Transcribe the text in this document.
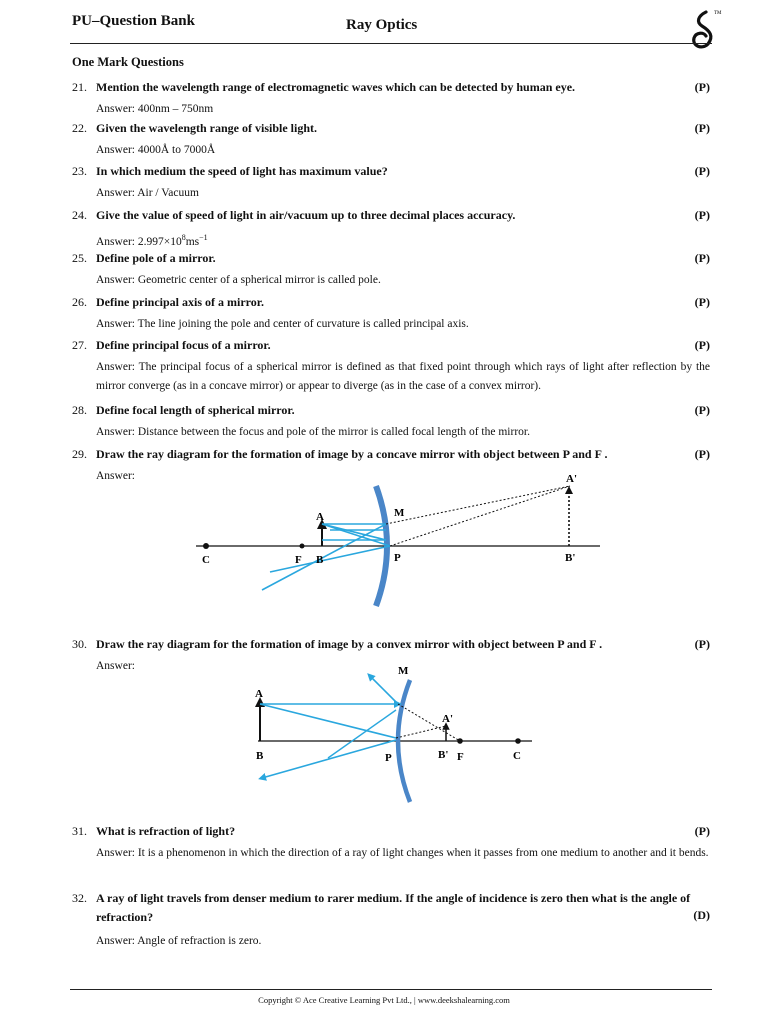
PU–Question Bank	Ray Optics
TM
One Mark Questions
21. Mention the wavelength range of electromagnetic waves which can be detected by human eye.	(P)
Answer: 400nm – 750nm
22. Given the wavelength range of visible light.	(P)
Answer: 4000Å to 7000Å
23. In which medium the speed of light has maximum value?	(P)
Answer: Air / Vacuum
24. Give the value of speed of light in air/vacuum up to three decimal places accuracy.	(P)
Answer: $2.997\times 10^8ms^{-1}$
25. Define pole of a mirror.	(P)
Answer: Geometric center of a spherical mirror is called pole.
26. Define principal axis of a mirror.	(P)
Answer: The line joining the pole and center of curvature is called principal axis.
27. Define principal focus of a mirror.	(P)
Answer: The principal focus of a spherical mirror is defined as that fixed point through which rays of light after reflection by the mirror converge (as in a concave mirror) or appear to diverge (as in the case of a convex mirror).
28. Define focal length of spherical mirror.	(P)
Answer: Distance between the focus and pole of the mirror is called focal length of the mirror.
29. Draw the ray diagram for the formation of image by a concave mirror with object between P and F .	(P)
Answer:	A'
M
A
C	F B	P	B'
30. Draw the ray diagram for the formation of image by a convex mirror with object between P and F .	(P)
Answer:	M
A
A'
B	P	B' F	C
31. What is refraction of light?	(P)
Answer: It is a phenomenon in which the direction of a ray of light changes when it passes from one medium to another and it bends.
32. A ray of light travels from denser medium to rarer medium. If the angle of incidence is zero then what is the angle of refraction?	(D)
Answer: Angle of refraction is zero.
Copyright © Ace Creative Learning Pvt Ltd., | www.deekshalearning.com
